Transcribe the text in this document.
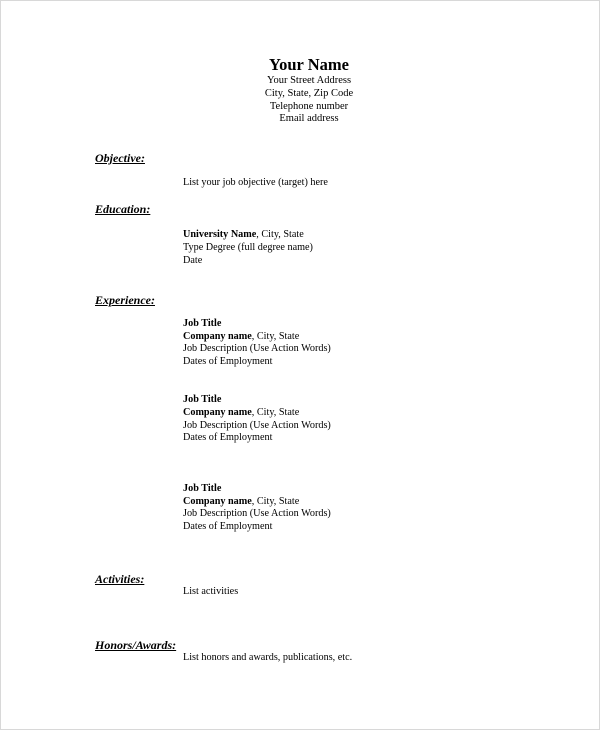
Your Name
Your Street Address
City, State, Zip Code
Telephone number
Email address
Objective:
List your job objective (target) here
Education:
University Name, City, State
Type Degree (full degree name)
Date
Experience:
Job Title
Company name, City, State
Job Description (Use Action Words)
Dates of Employment
Job Title
Company name, City, State
Job Description (Use Action Words)
Dates of Employment
Job Title
Company name, City, State
Job Description (Use Action Words)
Dates of Employment
Activities:
List activities
Honors/Awards:
List honors and awards, publications, etc.
